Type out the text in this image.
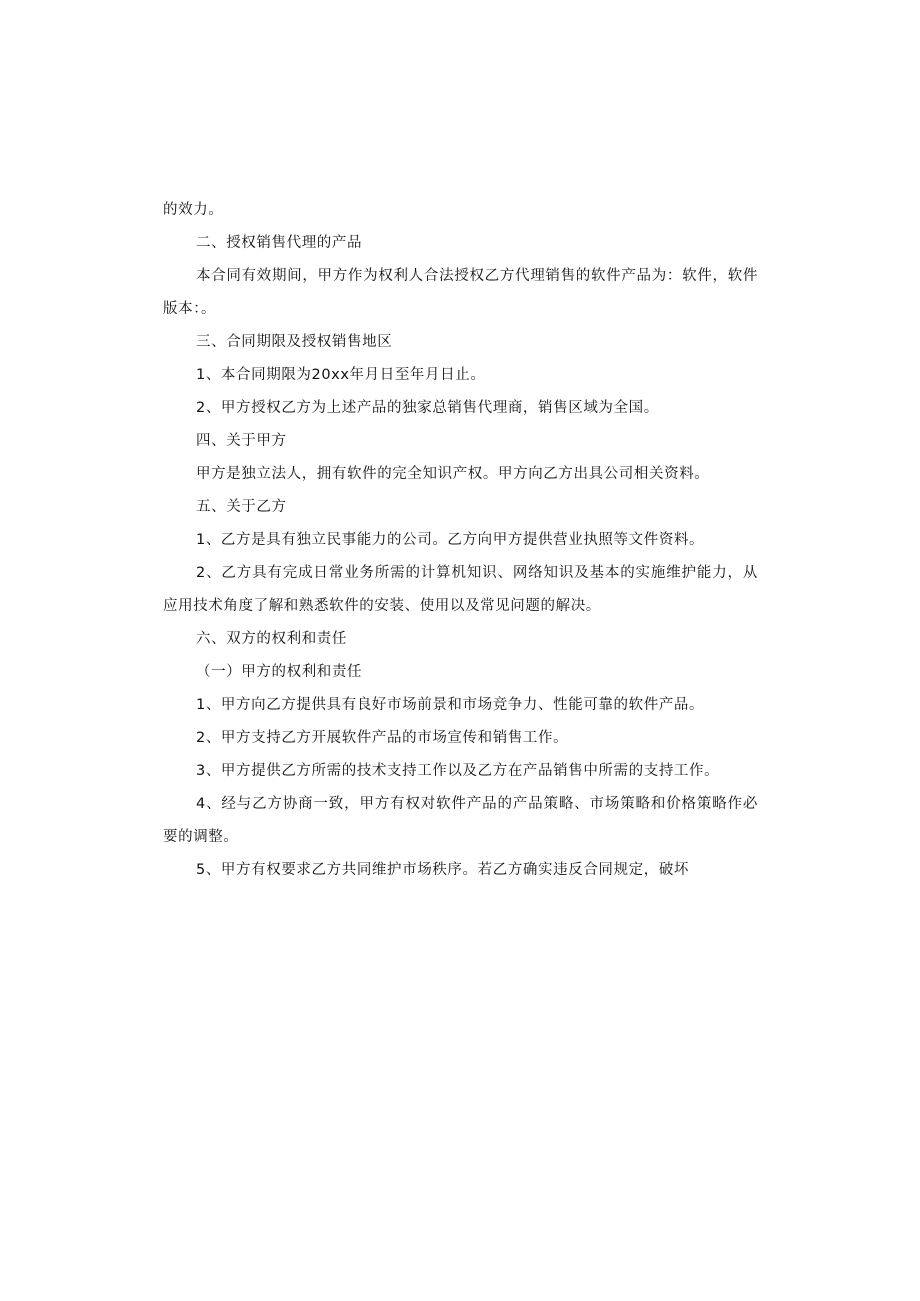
的效力。

二、授权销售代理的产品

本合同有效期间，甲方作为权利人合法授权乙方代理销售的软件产品为：软件，软件版本：。

三、合同期限及授权销售地区

1、本合同期限为20xx年月日至年月日止。

2、甲方授权乙方为上述产品的独家总销售代理商，销售区域为全国。

四、关于甲方

甲方是独立法人，拥有软件的完全知识产权。甲方向乙方出具公司相关资料。

五、关于乙方

1、乙方是具有独立民事能力的公司。乙方向甲方提供营业执照等文件资料。

2、乙方具有完成日常业务所需的计算机知识、网络知识及基本的实施维护能力，从应用技术角度了解和熟悉软件的安装、使用以及常见问题的解决。

六、双方的权利和责任

（一）甲方的权利和责任

1、甲方向乙方提供具有良好市场前景和市场竞争力、性能可靠的软件产品。

2、甲方支持乙方开展软件产品的市场宣传和销售工作。

3、甲方提供乙方所需的技术支持工作以及乙方在产品销售中所需的支持工作。

4、经与乙方协商一致，甲方有权对软件产品的产品策略、市场策略和价格策略作必要的调整。

5、甲方有权要求乙方共同维护市场秩序。若乙方确实违反合同规定，破坏
